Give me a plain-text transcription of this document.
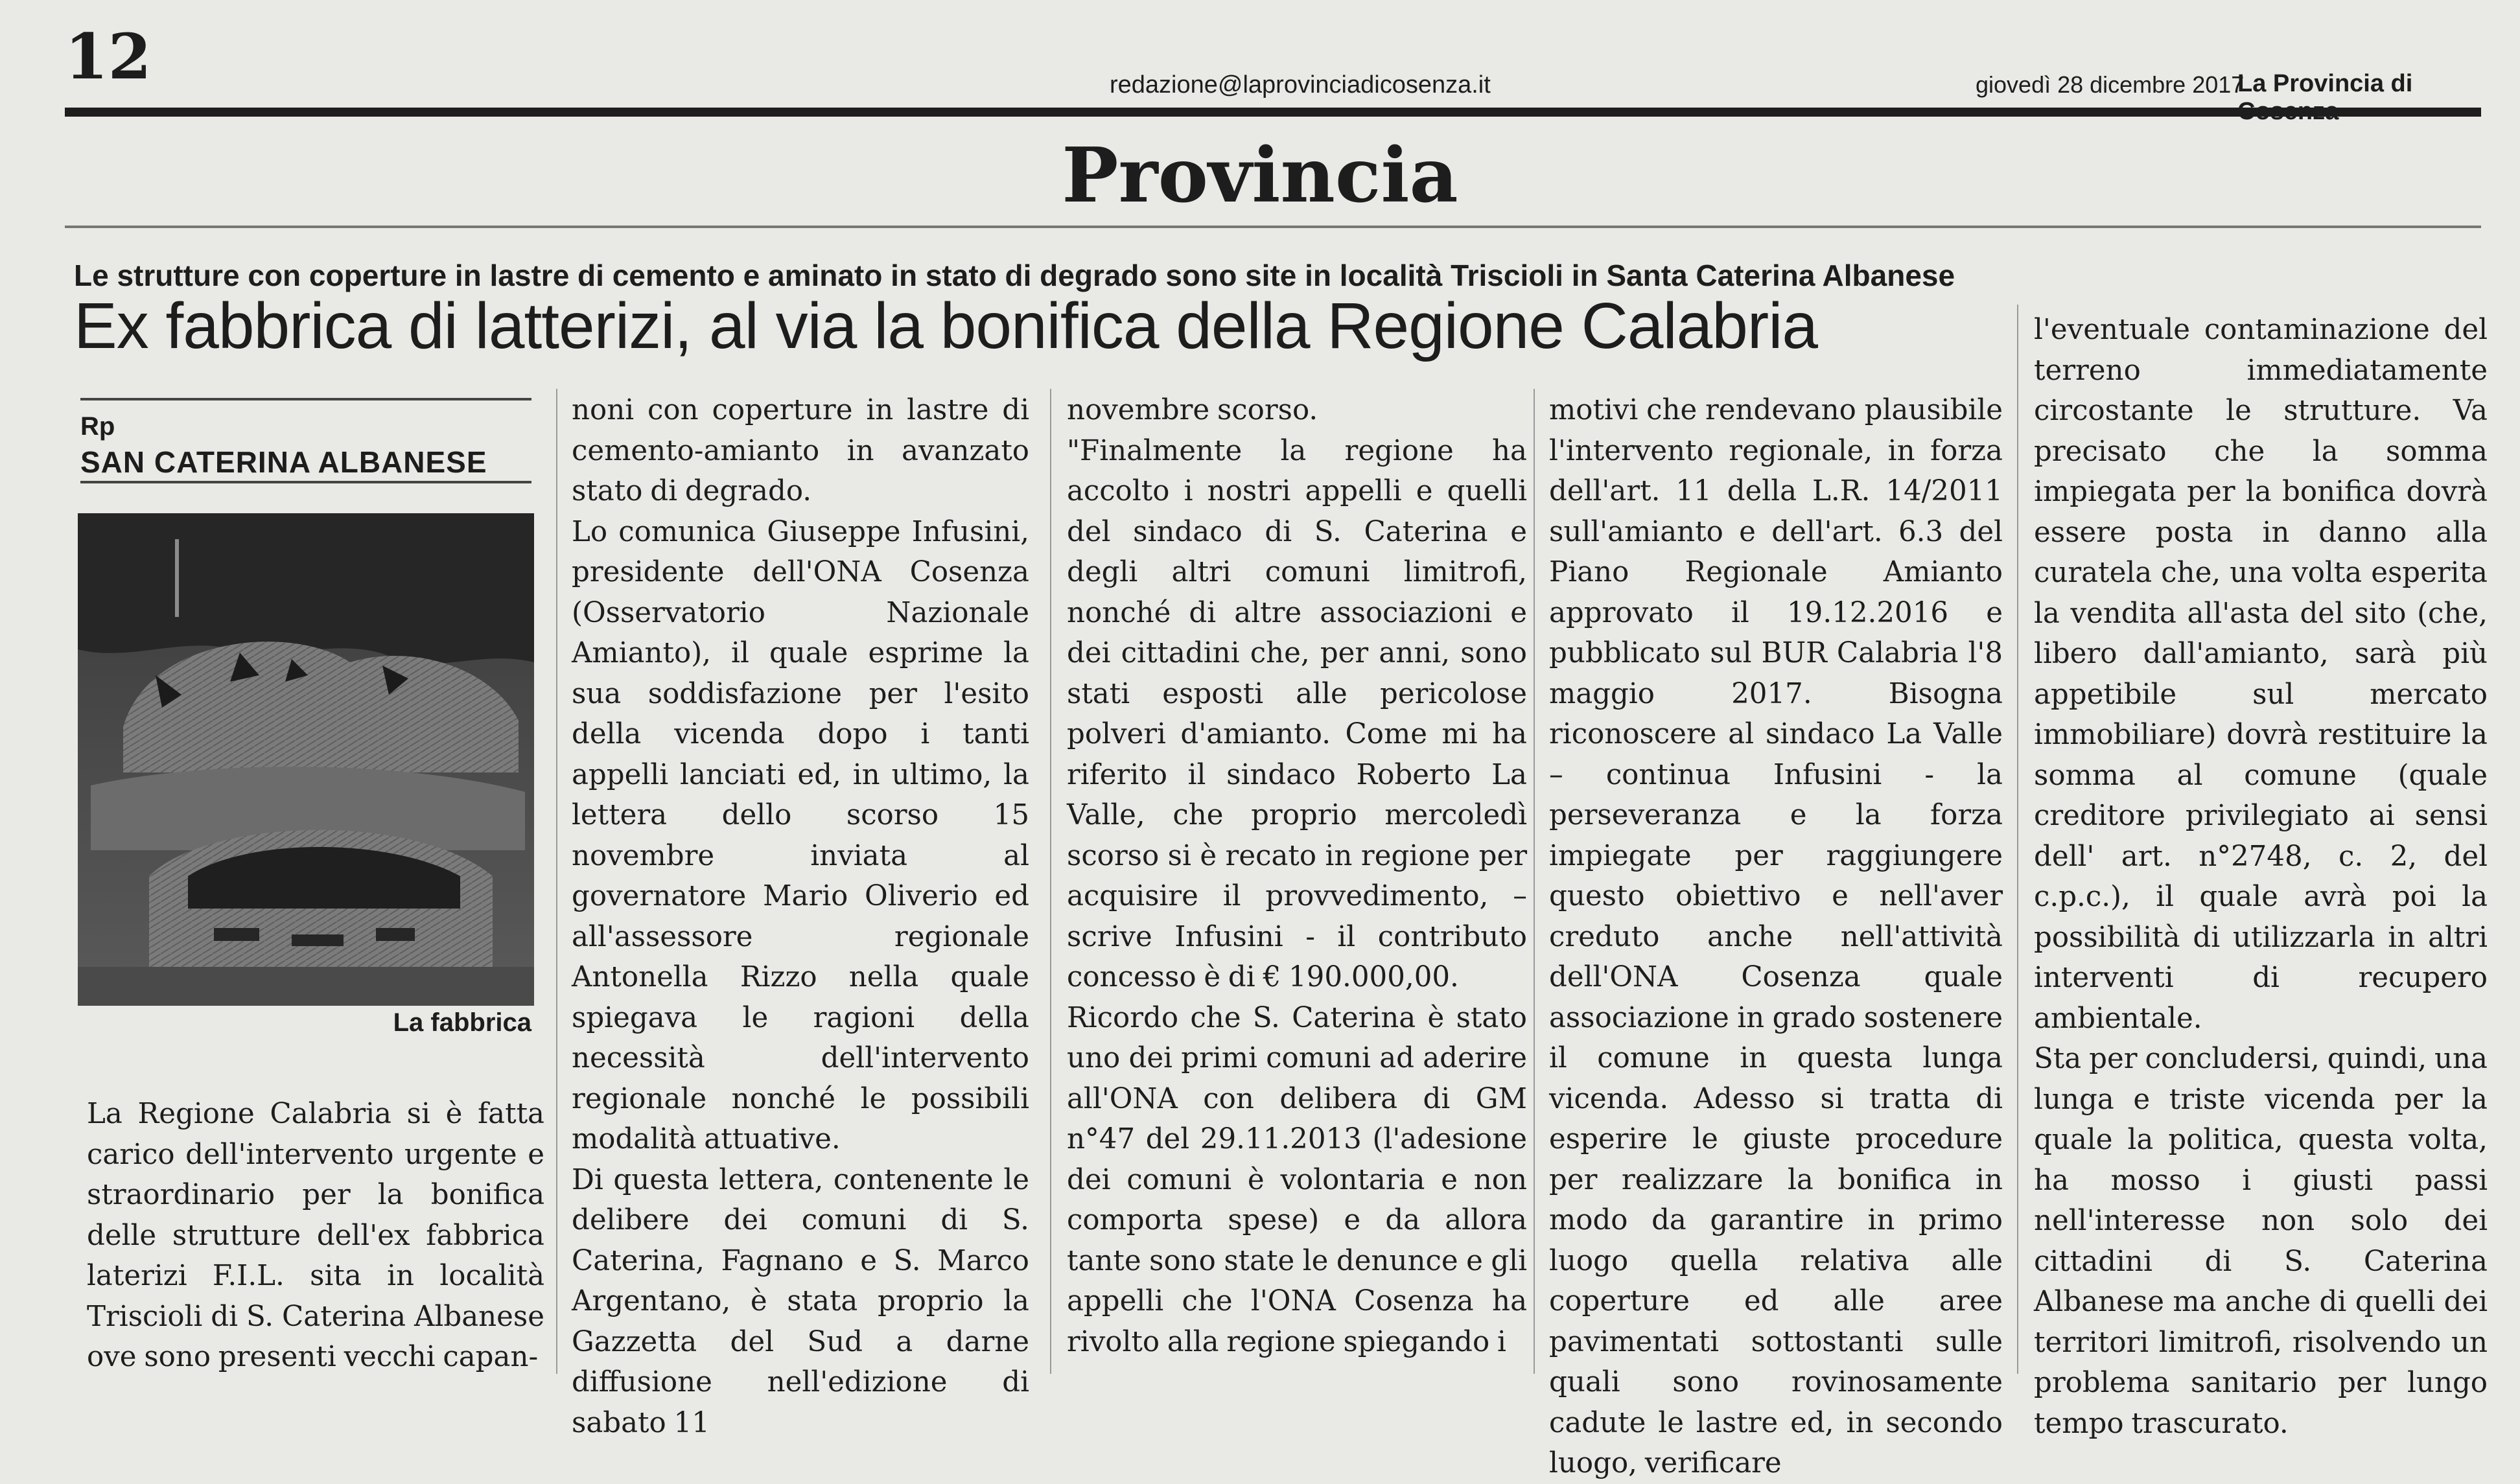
12	redazione@laprovinciadicosenza.it	giovedì 28 dicembre 2017
La Provincia di
Provincia
Le strutture con coperture in lastre di cemento e aminato in stato di degrado sono site in località Triscioli in Santa Caterina Albanese
Ex fabbrica di latterizi, al via la bonifica della Regione Calabria
Rp
SAN CATERINA ALBANESE
La fabbrica

La Regione Calabria si è fatta carico dell'intervento urgente e straordinario per la bonifica delle strutture dell'ex fabbrica laterizi F.I.L. sita in località Triscioli di S. Caterina Albanese ove sono presenti vecchi capan-

noni con coperture in lastre di cemento-amianto in avanzato stato di degrado.

Lo comunica Giuseppe Infusini, presidente dell'ONA Cosenza (Osservatorio Nazionale Amianto), il quale esprime la sua soddisfazione per l'esito della vicenda dopo i tanti appelli lanciati ed, in ultimo, la lettera dello scorso 15 novembre inviata al governatore Mario Oliverio ed all'assessore regionale Antonella Rizzo nella quale spiegava le ragioni della necessità dell'intervento regionale nonché le possibili modalità attuative.

Di questa lettera, contenente le delibere dei comuni di S. Caterina, Fagnano e S. Marco Argentano, è stata proprio la Gazzetta del Sud a darne diffusione nell'edizione di sabato 11

novembre scorso.

"Finalmente la regione ha accolto i nostri appelli e quelli del sindaco di S. Caterina e degli altri comuni limitrofi, nonché di altre associazioni e dei cittadini che, per anni, sono stati esposti alle pericolose polveri d'amianto. Come mi ha riferito il sindaco Roberto La Valle, che proprio mercoledì scorso si è recato in regione per acquisire il provvedimento, –scrive Infusini - il contributo concesso è di € 190.000,00.

Ricordo che S. Caterina è stato uno dei primi comuni ad aderire all'ONA con delibera di GM n°47 del 29.11.2013 (l'adesione dei comuni è volontaria e non comporta spese) e da allora tante sono state le denunce e gli appelli che l'ONA Cosenza ha rivolto alla regione spiegando i

motivi che rendevano plausibile l'intervento regionale, in forza dell'art. 11 della L.R. 14/2011 sull'amianto e dell'art. 6.3 del Piano Regionale Amianto approvato il 19.12.2016 e pubblicato sul BUR Calabria l'8 maggio 2017. Bisogna riconoscere al sindaco La Valle – continua Infusini - la perseveranza e la forza impiegate per raggiungere questo obiettivo e nell'aver creduto anche nell'attività dell'ONA Cosenza quale associazione in grado sostenere il comune in questa lunga vicenda. Adesso si tratta di esperire le giuste procedure per realizzare la bonifica in modo da garantire in primo luogo quella relativa alle coperture ed alle aree pavimentati sottostanti sulle quali sono rovinosamente cadute le lastre ed, in secondo luogo, verificare

l'eventuale contaminazione del terreno immediatamente circostante le strutture. Va precisato che la somma impiegata per la bonifica dovrà essere posta in danno alla curatela che, una volta esperita la vendita all'asta del sito (che, libero dall'amianto, sarà più appetibile sul mercato immobiliare) dovrà restituire la somma al comune (quale creditore privilegiato ai sensi dell' art. n°2748, c. 2, del c.p.c.), il quale avrà poi la possibilità di utilizzarla in altri interventi di recupero ambientale.

Sta per concludersi, quindi, una lunga e triste vicenda per la quale la politica, questa volta, ha mosso i giusti passi nell'interesse non solo dei cittadini di S. Caterina Albanese ma anche di quelli dei territori limitrofi, risolvendo un problema sanitario per lungo tempo trascurato.
